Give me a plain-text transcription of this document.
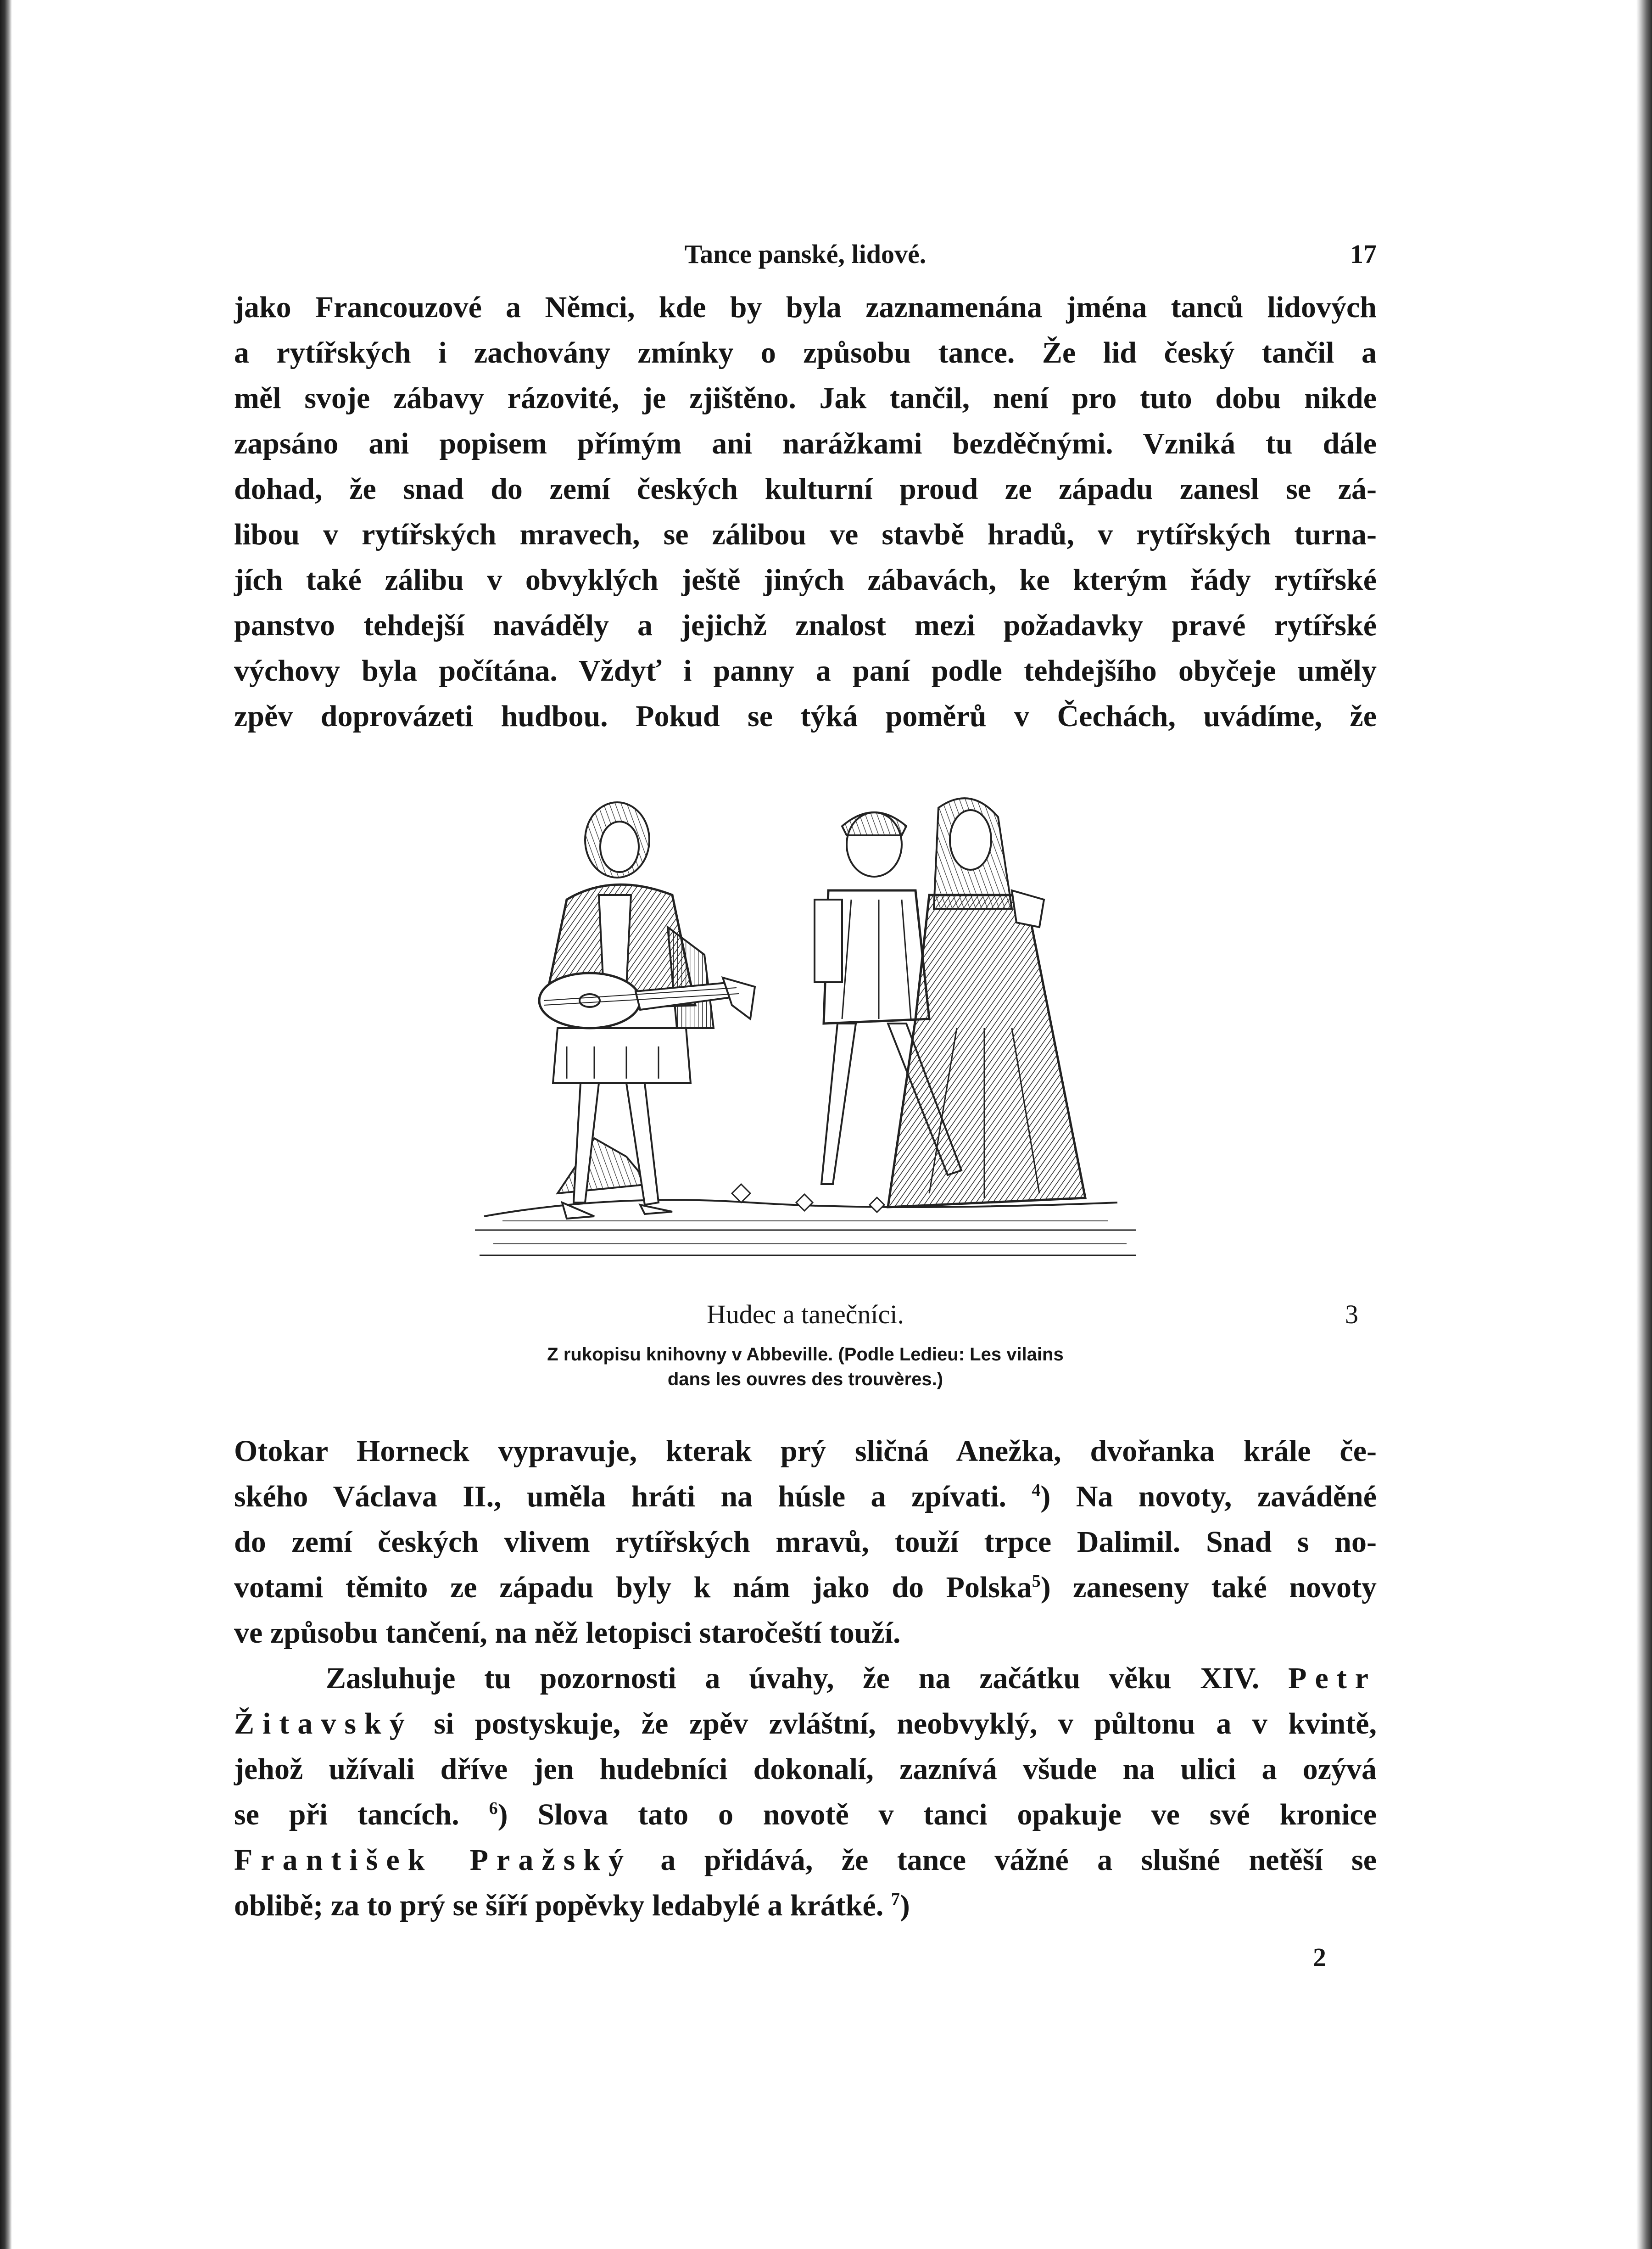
Tance panské, lidové.	17

jako Francouzové a Němci, kde by byla zaznamenána jména tanců lidových
a rytířských i zachovány zmínky o způsobu tance. Že lid český tančil a
měl svoje zábavy rázovité, je zjištěno. Jak tančil, není pro tuto dobu nikde
zapsáno ani popisem přímým ani narážkami bezděčnými. Vzniká tu dále
dohad, že snad do zemí českých kulturní proud ze západu zanesl se zá-
libou v rytířských mravech, se zálibou ve stavbě hradů, v rytířských turna-
jích také zálibu v obvyklých ještě jiných zábavách, ke kterým řády rytířské
panstvo tehdejší naváděly a jejichž znalost mezi požadavky pravé rytířské
výchovy byla počítána. Vždyť i panny a paní podle tehdejšího obyčeje uměly
zpěv doprovázeti hudbou. Pokud se týká poměrů v Čechách, uvádíme, že

Hudec a tanečníci.	3
Z rukopisu knihovny v Abbeville. (Podle Ledieu: Les vilains
dans les ouvres des trouvères.)

Otokar Horneck vypravuje, kterak prý sličná Anežka, dvořanka krále če-
ského Václava II., uměla hráti na húsle a zpívati. $^4$) Na novoty, zaváděné
do zemí českých vlivem rytířských mravů, touží trpce Dalimil. Snad s no-
votami těmito ze západu byly k nám jako do Polska$^5$) zaneseny také novoty
ve způsobu tančení, na něž letopisci staročeští touží.

Zasluhuje tu pozornosti a úvahy, že na začátku věku XIV. Petr
Žitavský si postyskuje, že zpěv zvláštní, neobvyklý, v půltonu a v kvintě,
jehož užívali dříve jen hudebníci dokonalí, zaznívá všude na ulici a ozývá
se při tancích. $^6$) Slova tato o novotě v tanci opakuje ve své kronice
František Pražský a přidává, že tance vážné a slušné netěší se
oblibě; za to prý se šíří popěvky ledabylé a krátké. $^7$)

2
